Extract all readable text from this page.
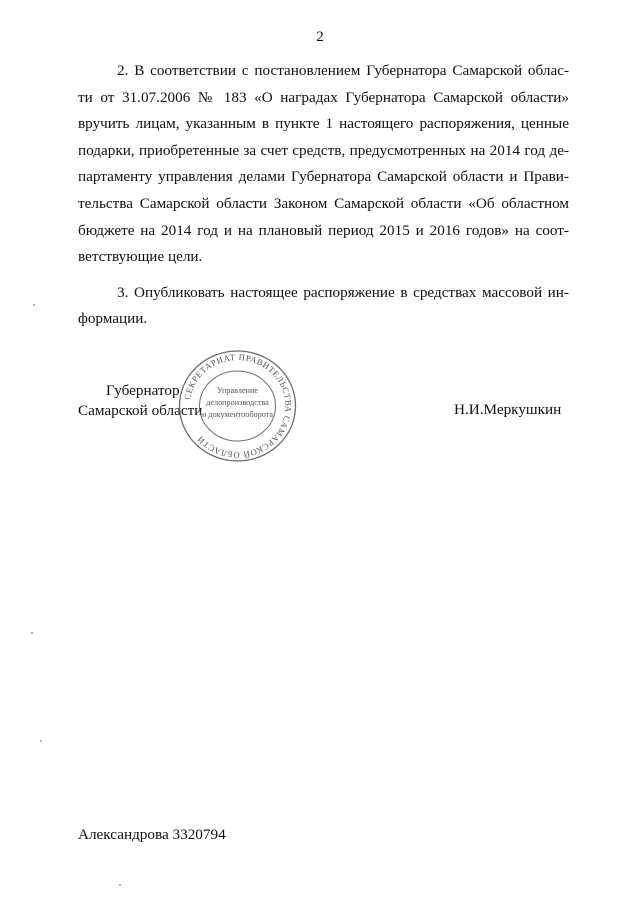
2

2. В соответствии с постановлением Губернатора Самарской облас-
ти от 31.07.2006 № 183 «О наградах Губернатора Самарской области»
вручить лицам, указанным в пункте 1 настоящего распоряжения, ценные
подарки, приобретенные за счет средств, предусмотренных на 2014 год де-
партаменту управления делами Губернатора Самарской области и Прави-
тельства Самарской области Законом Самарской области «Об областном
бюджете на 2014 год и на плановый период 2015 и 2016 годов» на соот-
ветствующие цели.

3. Опубликовать настоящее распоряжение в средствах массовой ин-
формации.

Губернатор
Самарской области
СЕКРЕТАРИАТ ПРАВИТЕЛЬСТВА САМАРСКОЙ ОБЛАСТИ
Управление
делопроизводства
и документооборота	Н.И.Меркушкин
Александрова 3320794
